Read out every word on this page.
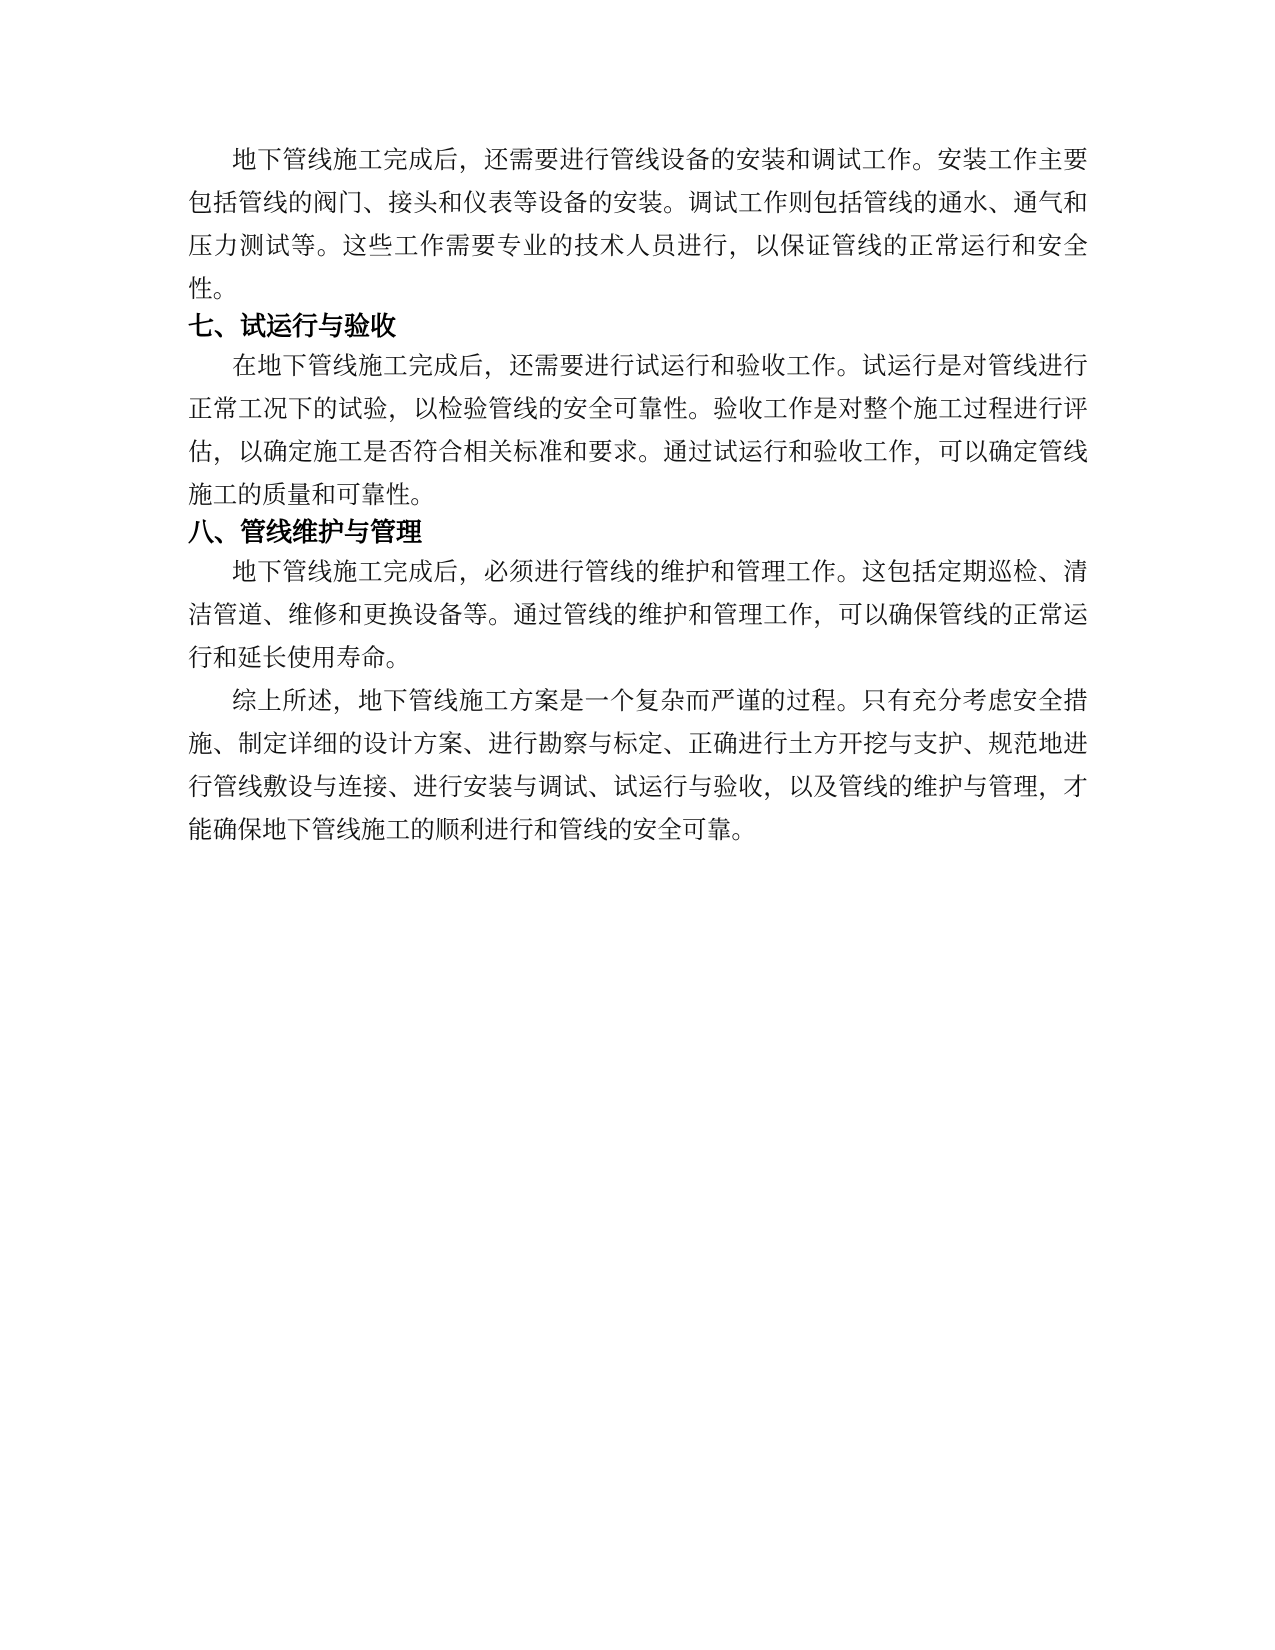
地下管线施工完成后，还需要进行管线设备的安装和调试工作。安装工作主要包括管线的阀门、接头和仪表等设备的安装。调试工作则包括管线的通水、通气和压力测试等。这些工作需要专业的技术人员进行，以保证管线的正常运行和安全性。

七、试运行与验收

在地下管线施工完成后，还需要进行试运行和验收工作。试运行是对管线进行正常工况下的试验，以检验管线的安全可靠性。验收工作是对整个施工过程进行评估，以确定施工是否符合相关标准和要求。通过试运行和验收工作，可以确定管线施工的质量和可靠性。

八、管线维护与管理

地下管线施工完成后，必须进行管线的维护和管理工作。这包括定期巡检、清洁管道、维修和更换设备等。通过管线的维护和管理工作，可以确保管线的正常运行和延长使用寿命。

综上所述，地下管线施工方案是一个复杂而严谨的过程。只有充分考虑安全措施、制定详细的设计方案、进行勘察与标定、正确进行土方开挖与支护、规范地进行管线敷设与连接、进行安装与调试、试运行与验收，以及管线的维护与管理，才能确保地下管线施工的顺利进行和管线的安全可靠。
